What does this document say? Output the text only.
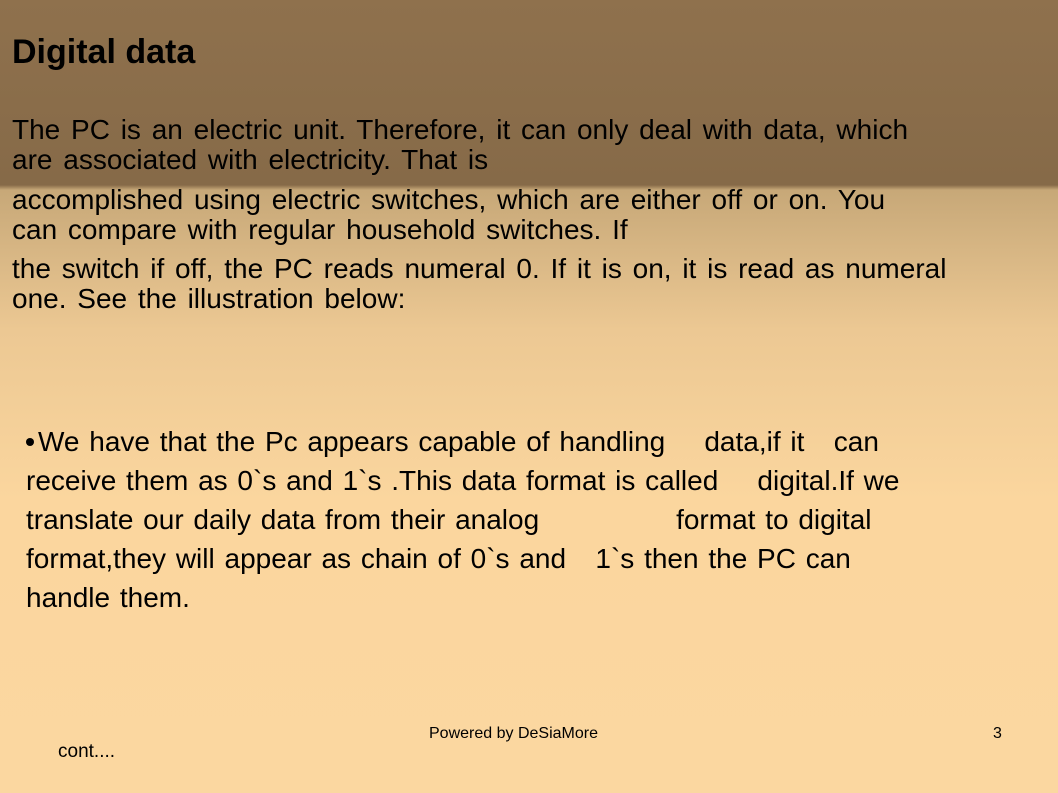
Digital data
The PC is an electric unit. Therefore, it can only deal with data, which
are associated with electricity. That is
accomplished using electric switches, which are either off or on. You
can compare with regular household switches. If
the switch if off, the PC reads numeral 0. If it is on, it is read as numeral
one. See the illustration below:
We have that the Pc appears capable of handling    data,if it   can
receive them as 0`s and 1`s .This data format is called    digital.If we
translate our daily data from their analog              format to digital
format,they will appear as chain of 0`s and   1`s then the PC can
handle them.
Powered by DeSiaMore	3
cont....
